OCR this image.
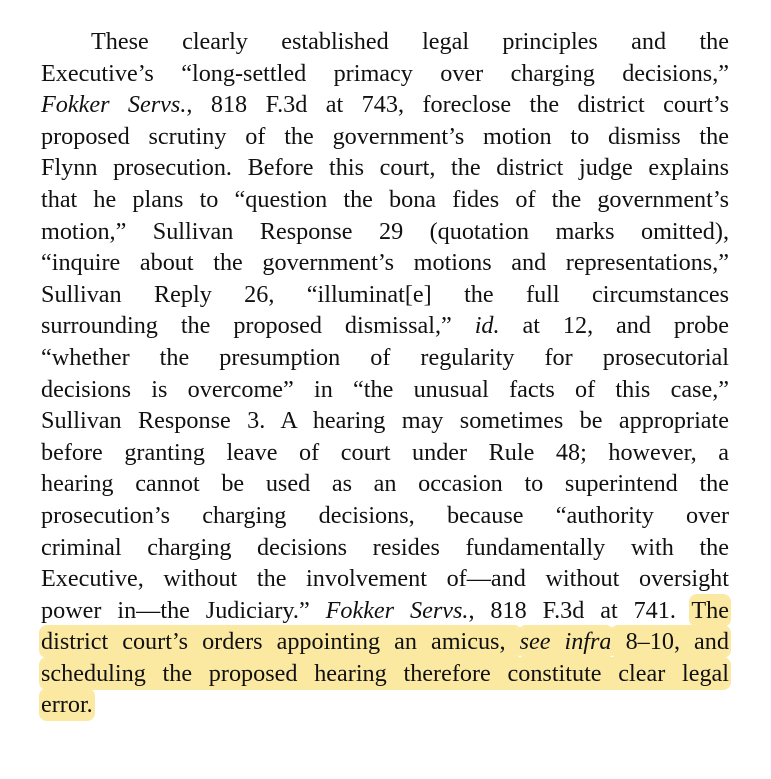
These clearly established legal principles and the
Executive’s “long-settled primacy over charging decisions,”
Fokker Servs., 818 F.3d at 743, foreclose the district court’s
proposed scrutiny of the government’s motion to dismiss the
Flynn prosecution. Before this court, the district judge explains
that he plans to “question the bona fides of the government’s
motion,” Sullivan Response 29 (quotation marks omitted),
“inquire about the government’s motions and representations,”
Sullivan Reply 26, “illuminat[e] the full circumstances
surrounding the proposed dismissal,” id. at 12, and probe
“whether the presumption of regularity for prosecutorial
decisions is overcome” in “the unusual facts of this case,”
Sullivan Response 3. A hearing may sometimes be appropriate
before granting leave of court under Rule 48; however, a
hearing cannot be used as an occasion to superintend the
prosecution’s charging decisions, because “authority over
criminal charging decisions resides fundamentally with the
Executive, without the involvement of—and without oversight
power in—the Judiciary.” Fokker Servs., 818 F.3d at 741. The
district court’s orders appointing an amicus, see infra 8–10, and
scheduling the proposed hearing therefore constitute clear legal
error.
